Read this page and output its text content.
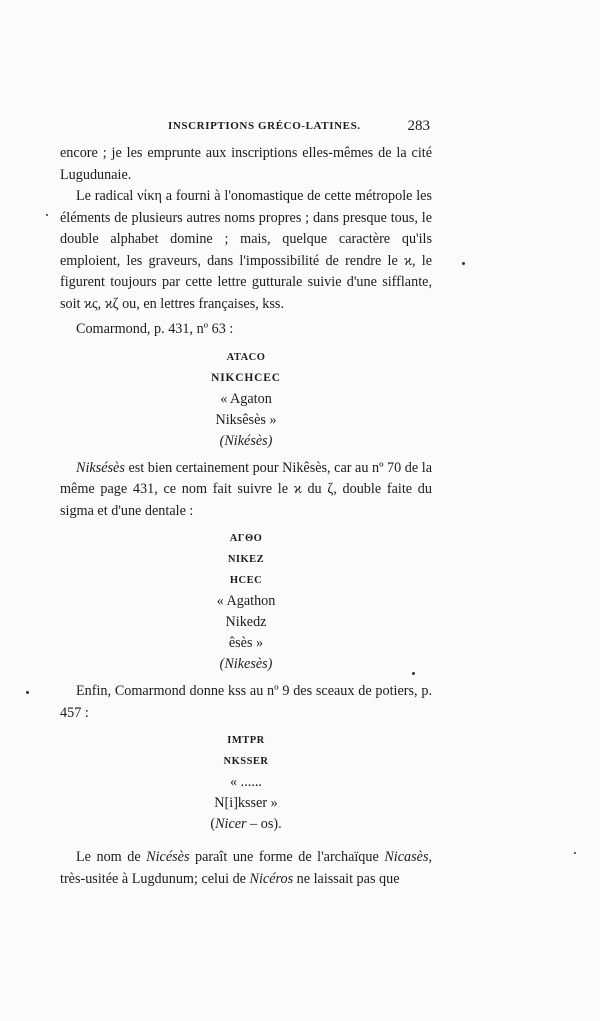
INSCRIPTIONS GRÉCO-LATINES.	283

encore ; je les emprunte aux inscriptions elles-mêmes de la cité Lugudunaie.

Le radical νίκη a fourni à l'onomastique de cette métropole les éléments de plusieurs autres noms propres ; dans presque tous, le double alphabet domine ; mais, quelque caractère qu'ils emploient, les graveurs, dans l'impossibilité de rendre le ϰ, le figurent toujours par cette lettre gutturale suivie d'une sifflante, soit ϰς, ϰζ ou, en lettres françaises, kss.

Comarmond, p. 431, nº 63 :

ATACO
NIKCHCEC
« Agaton
Niksêsès »
(Nikésès)

Niksésès est bien certainement pour Nikêsès, car au nº 70 de la même page 431, ce nom fait suivre le ϰ du ζ, double faite du sigma et d'une dentale :

AΓΘO
NIKEZ
HCEC
« Agathon
Nikedz
êsès »
(Nikesès)

Enfin, Comarmond donne kss au nº 9 des sceaux de potiers, p. 457 :

IMTPR
NKSSER
« ......
N[i]ksser »
(Nicer – os).

Le nom de Nicésès paraît une forme de l'archaïque Nicasès, très-usitée à Lugdunum; celui de Nicéros ne laissait pas que
